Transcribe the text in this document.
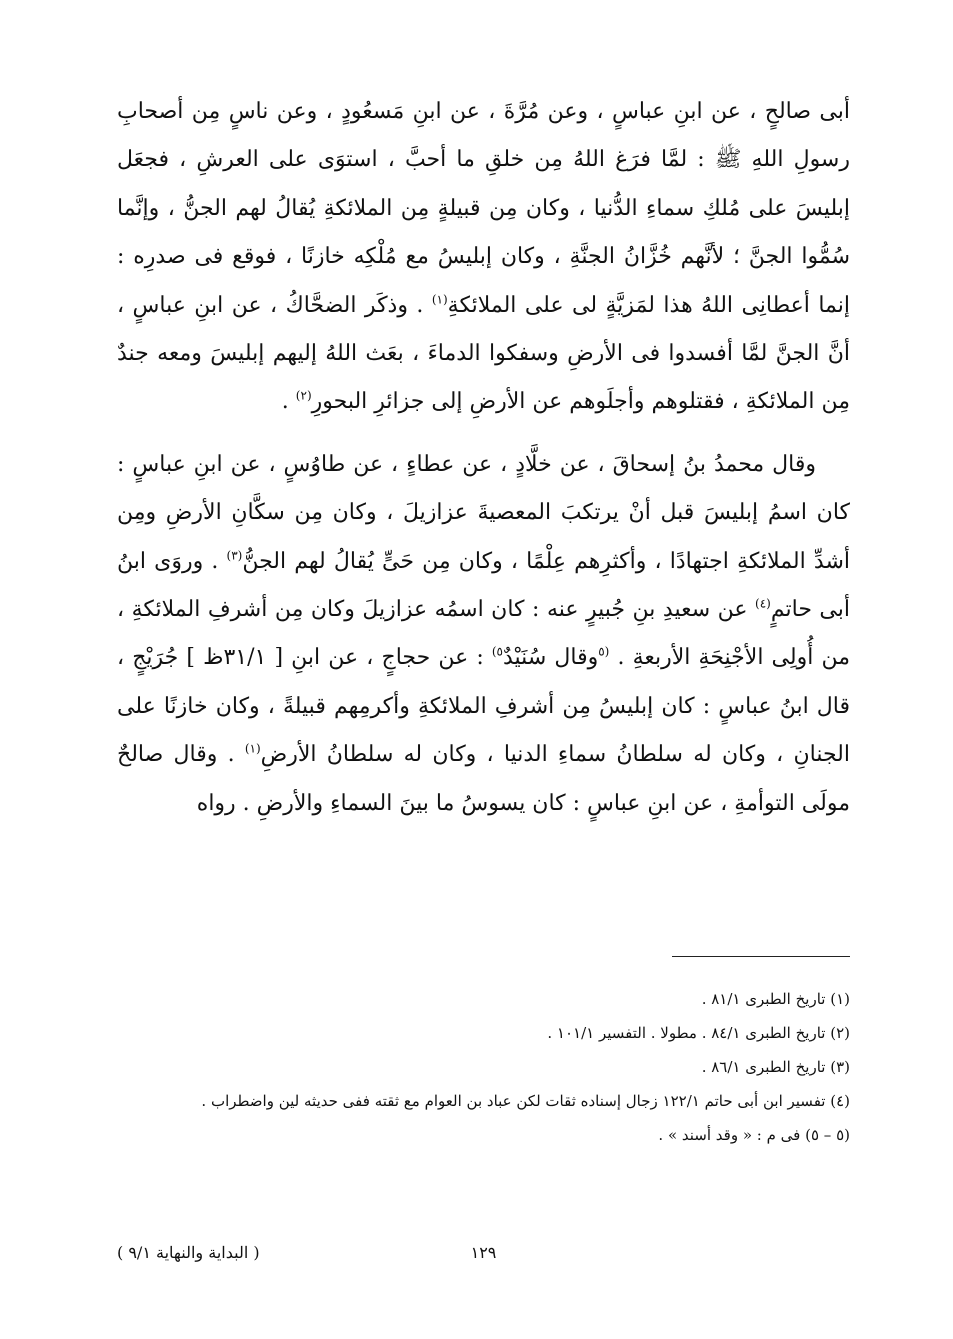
أبى صالحٍ ، عن ابنِ عباسٍ ، وعن مُرَّةَ ، عن ابنِ مَسعُودٍ ، وعن ناسٍ مِن أصحابِ رسولِ اللهِ ﷺ : لمَّا فرَغ اللهُ مِن خلقِ ما أحبَّ ، استوَى على العرشِ ، فجعَل إبليسَ على مُلكِ سماءِ الدُّنيا ، وكان مِن قبيلةٍ مِن الملائكةِ يُقالُ لهم الجنُّ ، وإنَّما سُمُّوا الجنَّ ؛ لأنَّهم خُزَّانُ الجنَّةِ ، وكان إبليسُ مع مُلْكِه خازنًا ، فوقع فى صدرِه : إنما أعطانِى اللهُ هذا لمَزيَّةٍ لى على الملائكةِ$^{(١)}$ . وذكَر الضحَّاكُ ، عن ابنِ عباسٍ ، أنَّ الجنَّ لمَّا أفسدوا فى الأرضِ وسفكوا الدماءَ ، بعَث اللهُ إليهم إبليسَ ومعه جندٌ مِن الملائكةِ ، فقتلوهم وأجلَوهم عن الأرضِ إلى جزائرِ البحورِ$^{(٢)}$ .

وقال محمدُ بنُ إسحاقَ ، عن خلَّادٍ ، عن عطاءٍ ، عن طاوُسٍ ، عن ابنِ عباسٍ : كان اسمُ إبليسَ قبل أنْ يرتكبَ المعصيةَ عزازيلَ ، وكان مِن سكَّانِ الأرضِ ومِن أشدِّ الملائكةِ اجتهادًا ، وأكثرِهم عِلْمًا ، وكان مِن حَىٍّ يُقالُ لهم الجنُّ$^{(٣)}$ . وروَى ابنُ أبى حاتمٍ$^{(٤)}$ عن سعيدِ بنِ جُبيرٍ عنه : كان اسمُه عزازيلَ وكان مِن أشرفِ الملائكةِ ، من أُولِى الأجْنِحَةِ الأربعةِ . $^{(٥}$وقال سُنَيْدٌ$^{٥)}$ : عن حجاجٍ ، عن ابنِ [ ٣١/١ظ ] جُرَيْجٍ ، قال ابنُ عباسٍ : كان إبليسُ مِن أشرفِ الملائكةِ وأكرمِهم قبيلةً ، وكان خازنًا على الجنانِ ، وكان له سلطانُ سماءِ الدنيا ، وكان له سلطانُ الأرضِ$^{(١)}$ . وقال صالحٌ مولَى التوأمةِ ، عن ابنِ عباسٍ : كان يسوسُ ما بينَ السماءِ والأرضِ . رواه

(١) تاريخ الطبرى ٨١/١ .
(٢) تاريخ الطبرى ٨٤/١ . مطولا . التفسير ١٠١/١ .
(٣) تاريخ الطبرى ٨٦/١ .
(٤) تفسير ابن أبى حاتم ١٢٢/١ زجال إسناده ثقات لكن عباد بن العوام مع ثقته ففى حديثه لين واضطراب .
(٥ – ٥) فى م : « وقد أسند » .
١٢٩
( البداية والنهاية ٩/١ )
